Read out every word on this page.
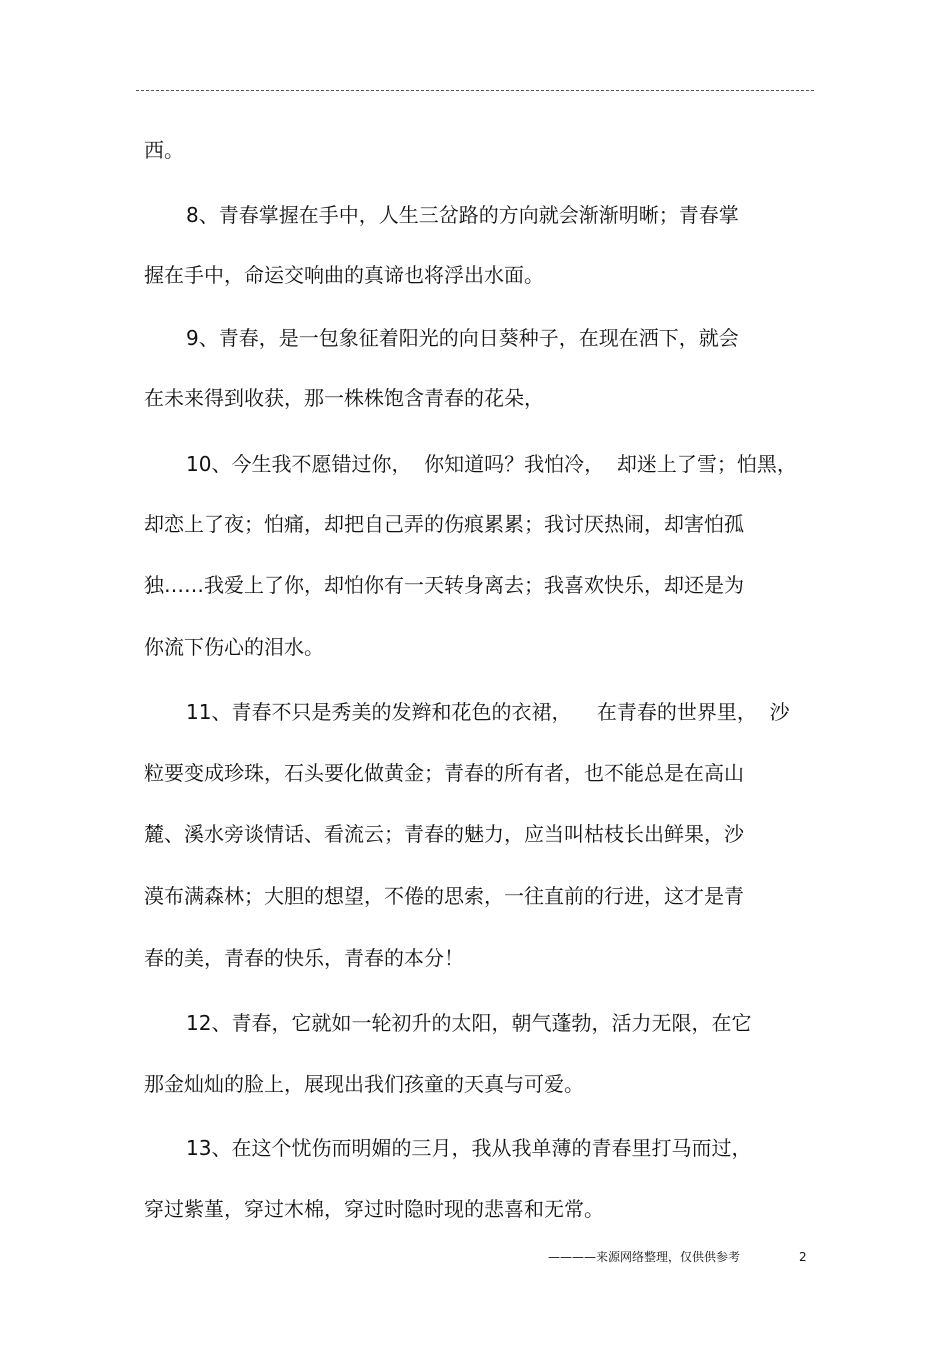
西。
8、青春掌握在手中，人生三岔路的方向就会渐渐明晰；青春掌
握在手中，命运交响曲的真谛也将浮出水面。
9、青春，是一包象征着阳光的向日葵种子，在现在洒下，就会
在未来得到收获，那一株株饱含青春的花朵，
10、今生我不愿错过你，  你知道吗？我怕冷，  却迷上了雪；怕黑，
却恋上了夜；怕痛，却把自己弄的伤痕累累；我讨厌热闹，却害怕孤
独……我爱上了你，却怕你有一天转身离去；我喜欢快乐，却还是为
你流下伤心的泪水。
11、青春不只是秀美的发辫和花色的衣裙，    在青春的世界里，  沙
粒要变成珍珠，石头要化做黄金；青春的所有者，也不能总是在高山
麓、溪水旁谈情话、看流云；青春的魅力，应当叫枯枝长出鲜果，沙
漠布满森林；大胆的想望，不倦的思索，一往直前的行进，这才是青
春的美，青春的快乐，青春的本分！
12、青春，它就如一轮初升的太阳，朝气蓬勃，活力无限，在它
那金灿灿的脸上，展现出我们孩童的天真与可爱。
13、在这个忧伤而明媚的三月，我从我单薄的青春里打马而过，
穿过紫堇，穿过木棉，穿过时隐时现的悲喜和无常。
————来源网络整理，仅供供参考	2
